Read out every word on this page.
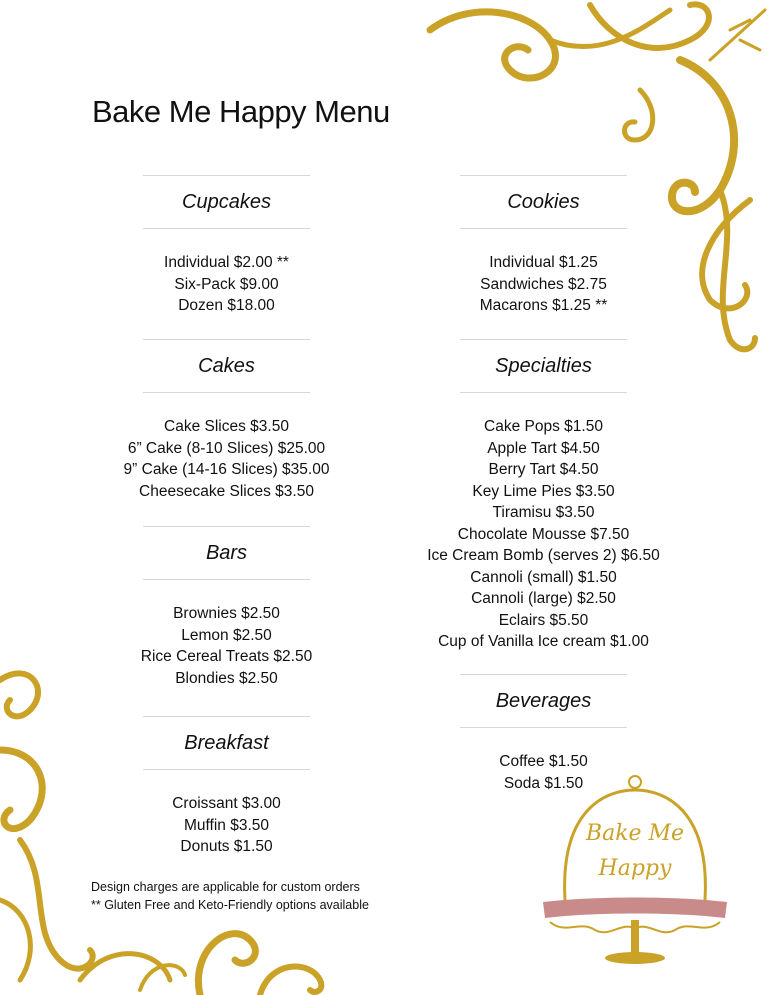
Bake Me Happy Menu
Cupcakes
Individual $2.00 **
Six-Pack $9.00
Dozen $18.00
Cakes
Cake Slices $3.50
6” Cake (8-10 Slices) $25.00
9” Cake (14-16 Slices) $35.00
Cheesecake Slices $3.50
Bars
Brownies $2.50
Lemon $2.50
Rice Cereal Treats $2.50
Blondies $2.50
Breakfast
Croissant $3.00
Muffin $3.50
Donuts $1.50
Cookies
Individual $1.25
Sandwiches $2.75
Macarons $1.25 **
Specialties
Cake Pops $1.50
Apple Tart $4.50
Berry Tart $4.50
Key Lime Pies $3.50
Tiramisu $3.50
Chocolate Mousse $7.50
Ice Cream Bomb (serves 2) $6.50
Cannoli (small) $1.50
Cannoli (large) $2.50
Eclairs $5.50
Cup of Vanilla Ice cream $1.00
Beverages
Coffee $1.50
Soda $1.50
Design charges are applicable for custom orders
** Gluten Free and Keto-Friendly options available
Bake Me
Happy
